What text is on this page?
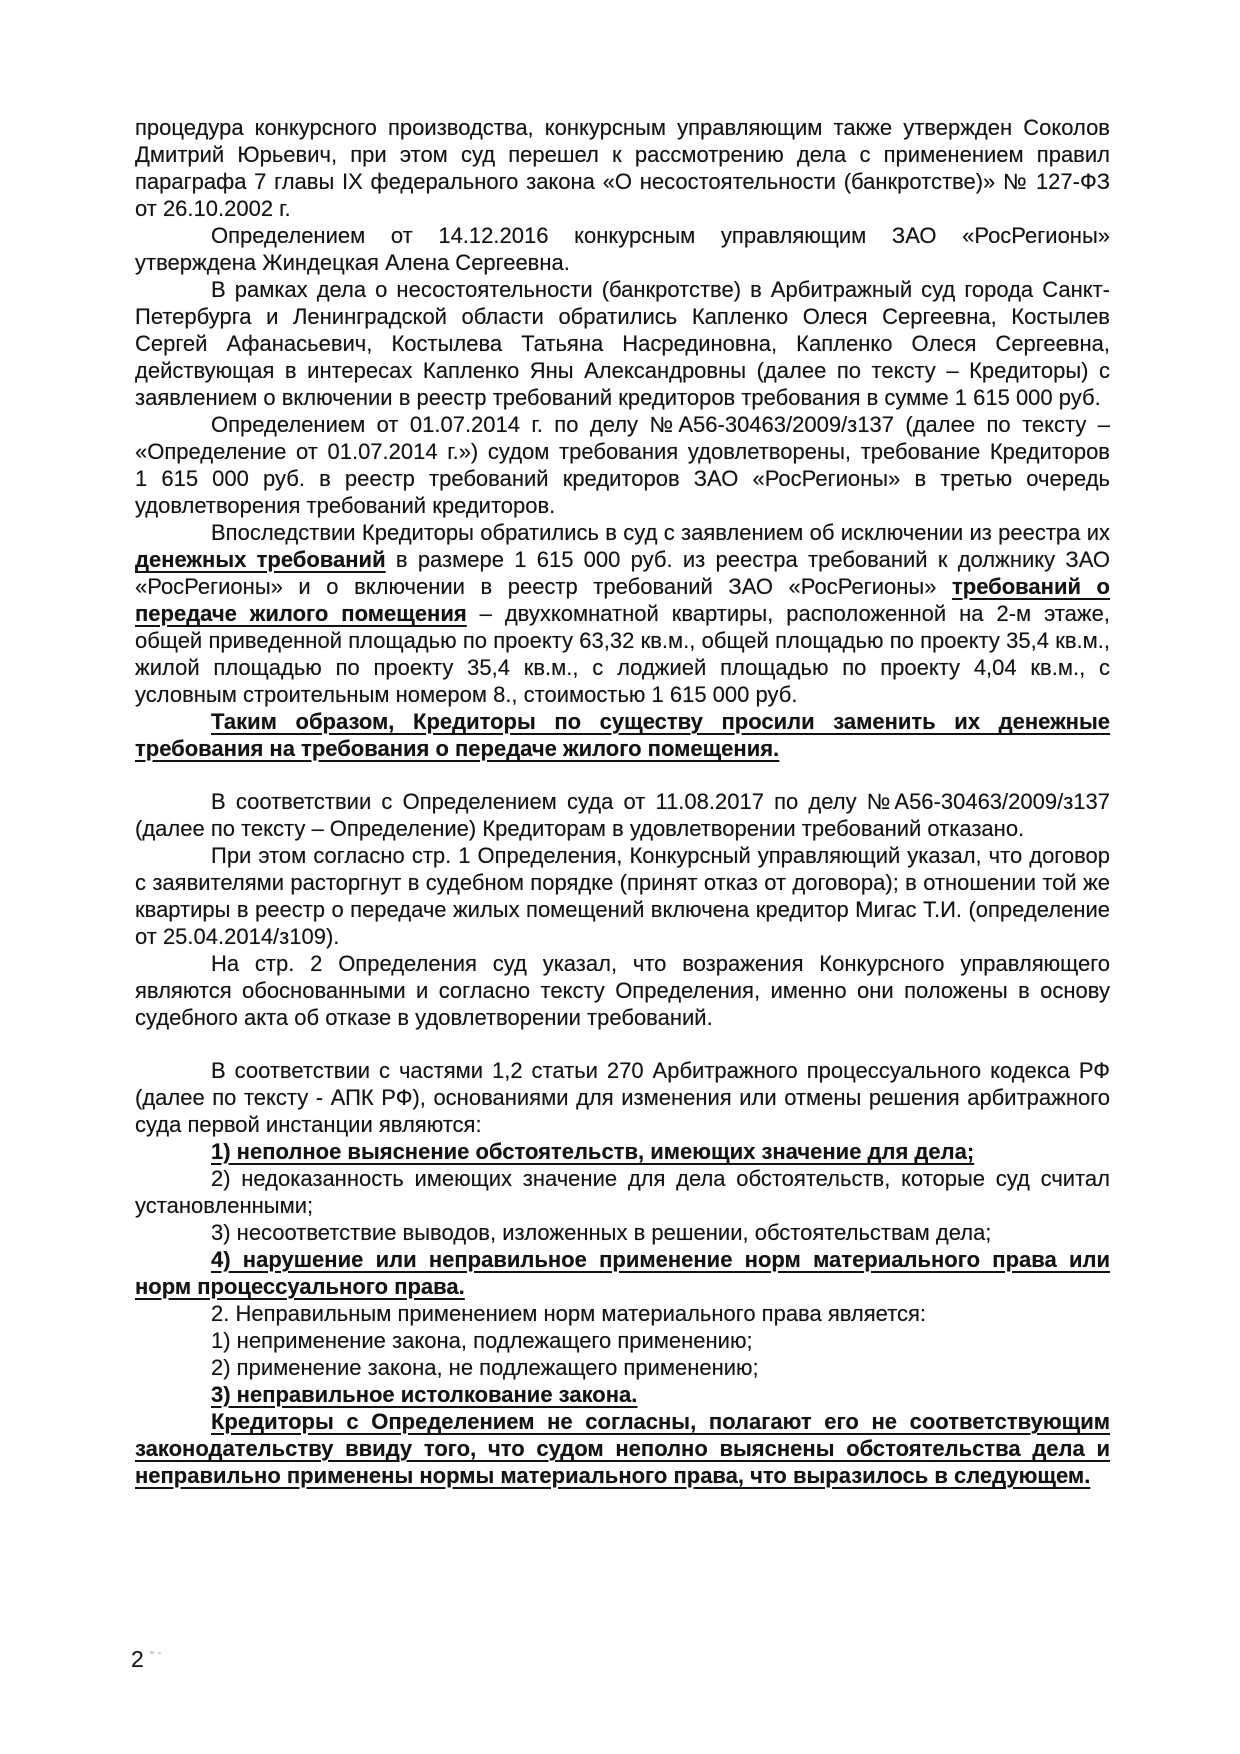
процедура конкурсного производства, конкурсным управляющим также утвержден Соколов Дмитрий Юрьевич, при этом суд перешел к рассмотрению дела с применением правил параграфа 7 главы IX федерального закона «О несостоятельности (банкротстве)» № 127-ФЗ от 26.10.2002 г.

Определением от 14.12.2016 конкурсным управляющим ЗАО «РосРегионы» утверждена Жиндецкая Алена Сергеевна.

В рамках дела о несостоятельности (банкротстве) в Арбитражный суд города Санкт-Петербурга и Ленинградской области обратились Капленко Олеся Сергеевна, Костылев Сергей Афанасьевич, Костылева Татьяна Насрединовна, Капленко Олеся Сергеевна, действующая в интересах Капленко Яны Александровны (далее по тексту – Кредиторы) с заявлением о включении в реестр требований кредиторов требования в сумме 1 615 000 руб.

Определением от 01.07.2014 г. по делу №А56-30463/2009/з137 (далее по тексту – «Определение от 01.07.2014 г.») судом требования удовлетворены, требование Кредиторов 1 615 000 руб. в реестр требований кредиторов ЗАО «РосРегионы» в третью очередь удовлетворения требований кредиторов.

Впоследствии Кредиторы обратились в суд с заявлением об исключении из реестра их денежных требований в размере 1 615 000 руб. из реестра требований к должнику ЗАО «РосРегионы» и о включении в реестр требований ЗАО «РосРегионы» требований о передаче жилого помещения – двухкомнатной квартиры, расположенной на 2-м этаже, общей приведенной площадью по проекту 63,32 кв.м., общей площадью по проекту 35,4 кв.м., жилой площадью по проекту 35,4 кв.м., с лоджией площадью по проекту 4,04 кв.м., с условным строительным номером 8., стоимостью 1 615 000 руб.

Таким образом, Кредиторы по существу просили заменить их денежные требования на требования о передаче жилого помещения.

В соответствии с Определением суда от 11.08.2017 по делу №А56-30463/2009/з137 (далее по тексту – Определение) Кредиторам в удовлетворении требований отказано.

При этом согласно стр. 1 Определения, Конкурсный управляющий указал, что договор с заявителями расторгнут в судебном порядке (принят отказ от договора); в отношении той же квартиры в реестр о передаче жилых помещений включена кредитор Мигас Т.И. (определение от 25.04.2014/з109).

На стр. 2 Определения суд указал, что возражения Конкурсного управляющего являются обоснованными и согласно тексту Определения, именно они положены в основу судебного акта об отказе в удовлетворении требований.

В соответствии с частями 1,2 статьи 270 Арбитражного процессуального кодекса РФ (далее по тексту - АПК РФ), основаниями для изменения или отмены решения арбитражного суда первой инстанции являются:

1) неполное выяснение обстоятельств, имеющих значение для дела;

2) недоказанность имеющих значение для дела обстоятельств, которые суд считал установленными;

3) несоответствие выводов, изложенных в решении, обстоятельствам дела;

4) нарушение или неправильное применение норм материального права или норм процессуального права.

2. Неправильным применением норм материального права является:

1) неприменение закона, подлежащего применению;

2) применение закона, не подлежащего применению;

3) неправильное истолкование закона.

Кредиторы с Определением не согласны, полагают его не соответствующим законодательству ввиду того, что судом неполно выяснены обстоятельства дела и неправильно применены нормы материального права, что выразилось в следующем.

2
